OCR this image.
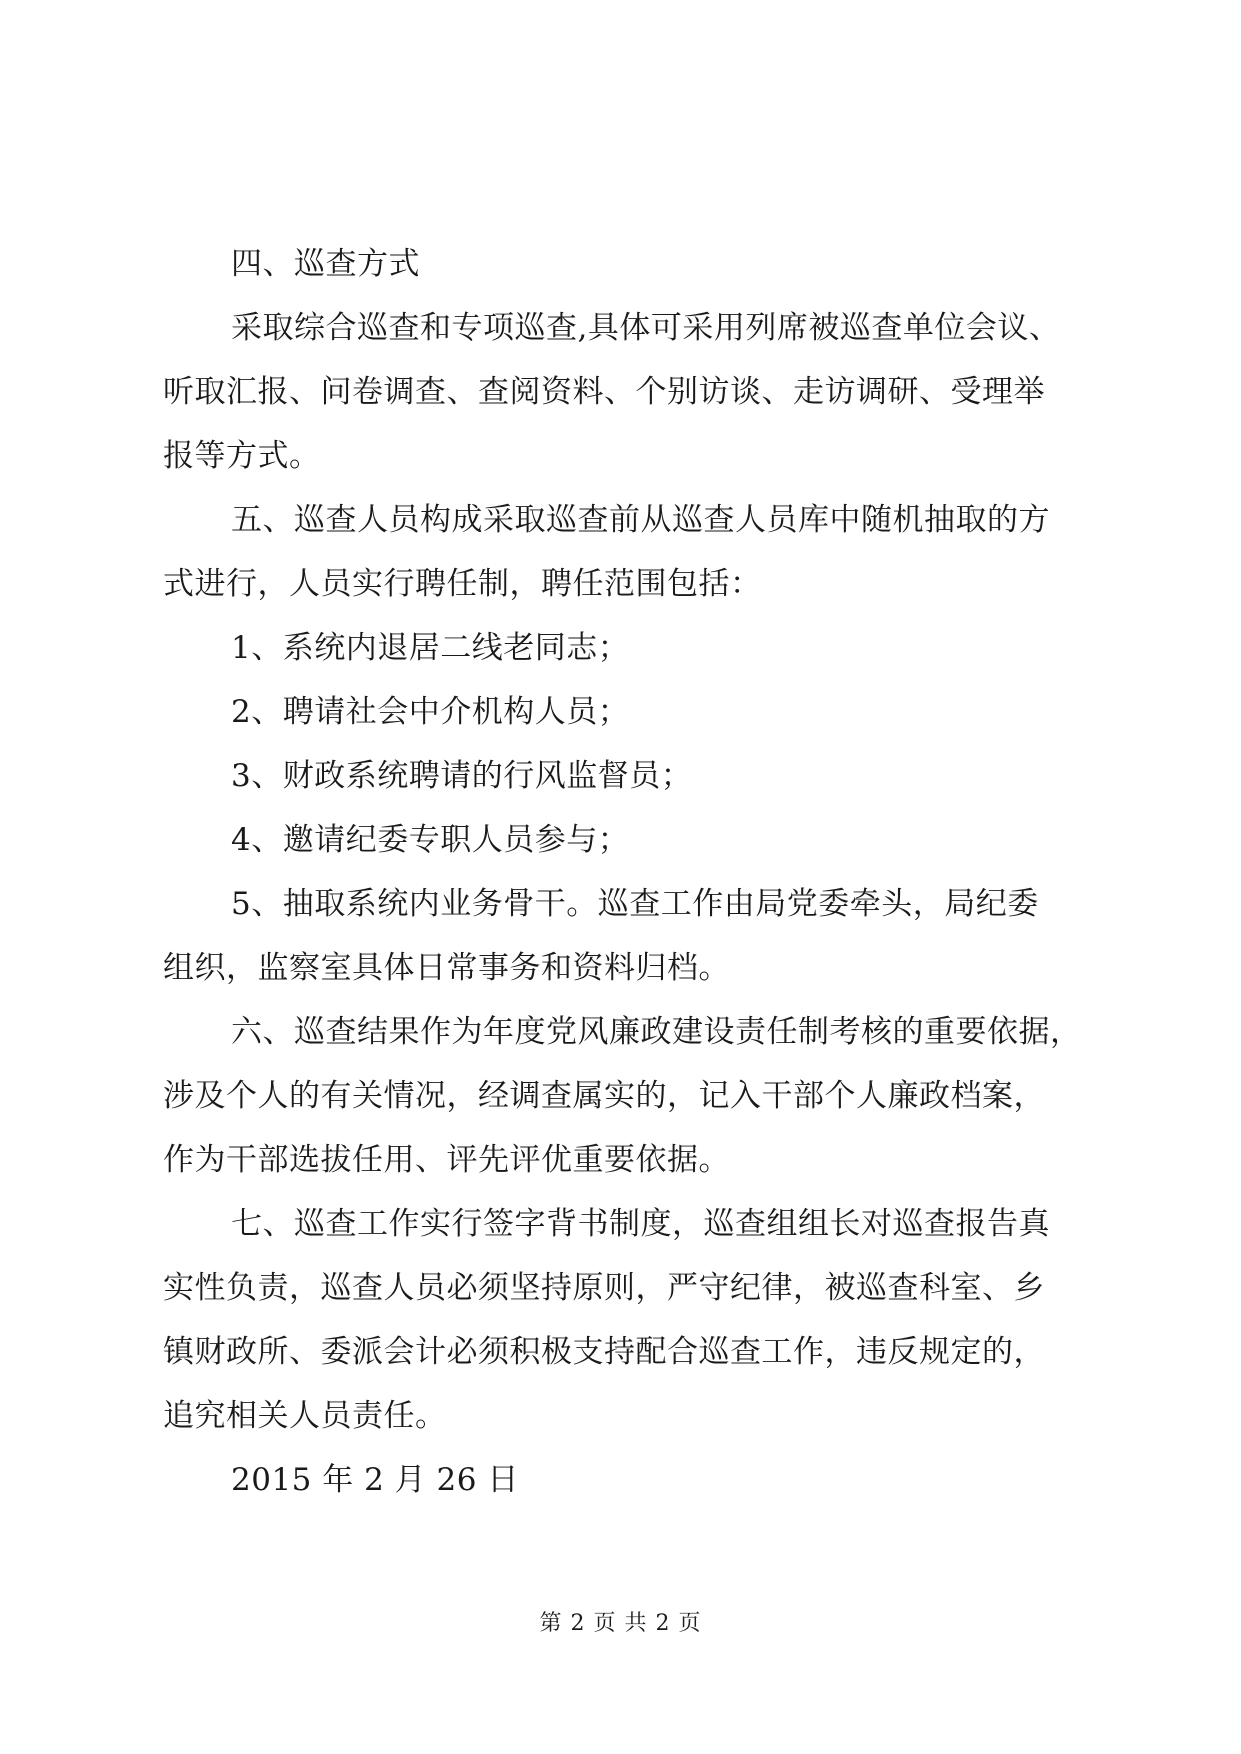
四、巡查方式
采取综合巡查和专项巡查,具体可采用列席被巡查单位会议、
听取汇报、问卷调查、查阅资料、个别访谈、走访调研、受理举
报等方式。
五、巡查人员构成采取巡查前从巡查人员库中随机抽取的方
式进行，人员实行聘任制，聘任范围包括：
1、系统内退居二线老同志；
2、聘请社会中介机构人员；
3、财政系统聘请的行风监督员；
4、邀请纪委专职人员参与；
5、抽取系统内业务骨干。巡查工作由局党委牵头，局纪委
组织，监察室具体日常事务和资料归档。
六、巡查结果作为年度党风廉政建设责任制考核的重要依据，
涉及个人的有关情况，经调查属实的，记入干部个人廉政档案，
作为干部选拔任用、评先评优重要依据。
七、巡查工作实行签字背书制度，巡查组组长对巡查报告真
实性负责，巡查人员必须坚持原则，严守纪律，被巡查科室、乡
镇财政所、委派会计必须积极支持配合巡查工作，违反规定的，
追究相关人员责任。
2015 年 2 月 26 日
第 2 页 共 2 页
